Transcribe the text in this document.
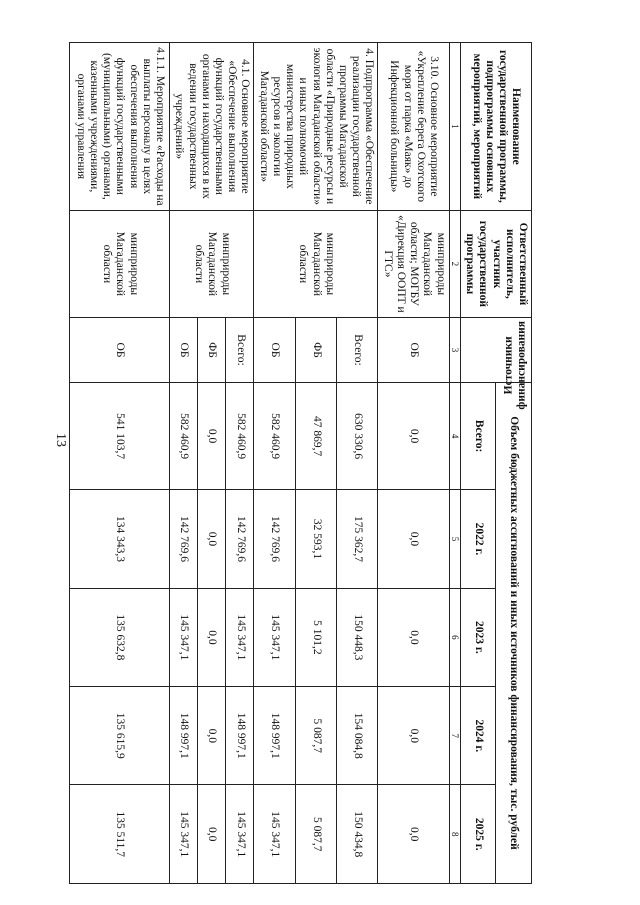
13
Наименование государственной программы, подпрограммы основных мероприятий, мероприятий	Ответственный исполнитель, участник государственной программы	Источники финансирования	Объем бюджетных ассигнований и иных источников финансирования, тыс. рублей				
			Всего:	2022 г.	2023 г.	2024 г.	2025 г.
1	2	3	4	5	6	7	8
3.10. Основное мероприятие «Укрепление берега Охотского моря от парка «Маяк» до Инфекционной больницы»	минприроды Магаданской области; МОГБУ «Дирекция ООПТ и ГТС»	ОБ	0,0	0,0	0,0	0,0	0,0
4. Подпрограмма «Обеспечение реализации государственной программы Магаданской области «Природные ресурсы и экология Магаданской области» и иных полномочий министерства природных ресурсов и экологии Магаданской области»	минприроды Магаданской области	Всего:	630 330,6	175 362,7	150 448,3	154 084,8	150 434,8
		ФБ	47 869,7	32 593,1	5 101,2	5 087,7	5 087,7
		ОБ	582 460,9	142 769,6	145 347,1	148 997,1	145 347,1
4.1. Основное мероприятие «Обеспечение выполнения функций государственными органами и находящихся в их ведении государственных учреждений»	минприроды Магаданской области	Всего:	582 460,9	142 769,6	145 347,1	148 997,1	145 347,1
		ФБ	0,0	0,0	0,0	0,0	0,0
		ОБ	582 460,9	142 769,6	145 347,1	148 997,1	145 347,1
4.1.1. Мероприятие «Расходы на выплаты персоналу в целях обеспечения выполнения функций государственными (муниципальными) органами, казенными учреждениями, органами управления	минприроды Магаданской области	ОБ	541 103,7	134 343,3	135 632,8	135 615,9	135 511,7
